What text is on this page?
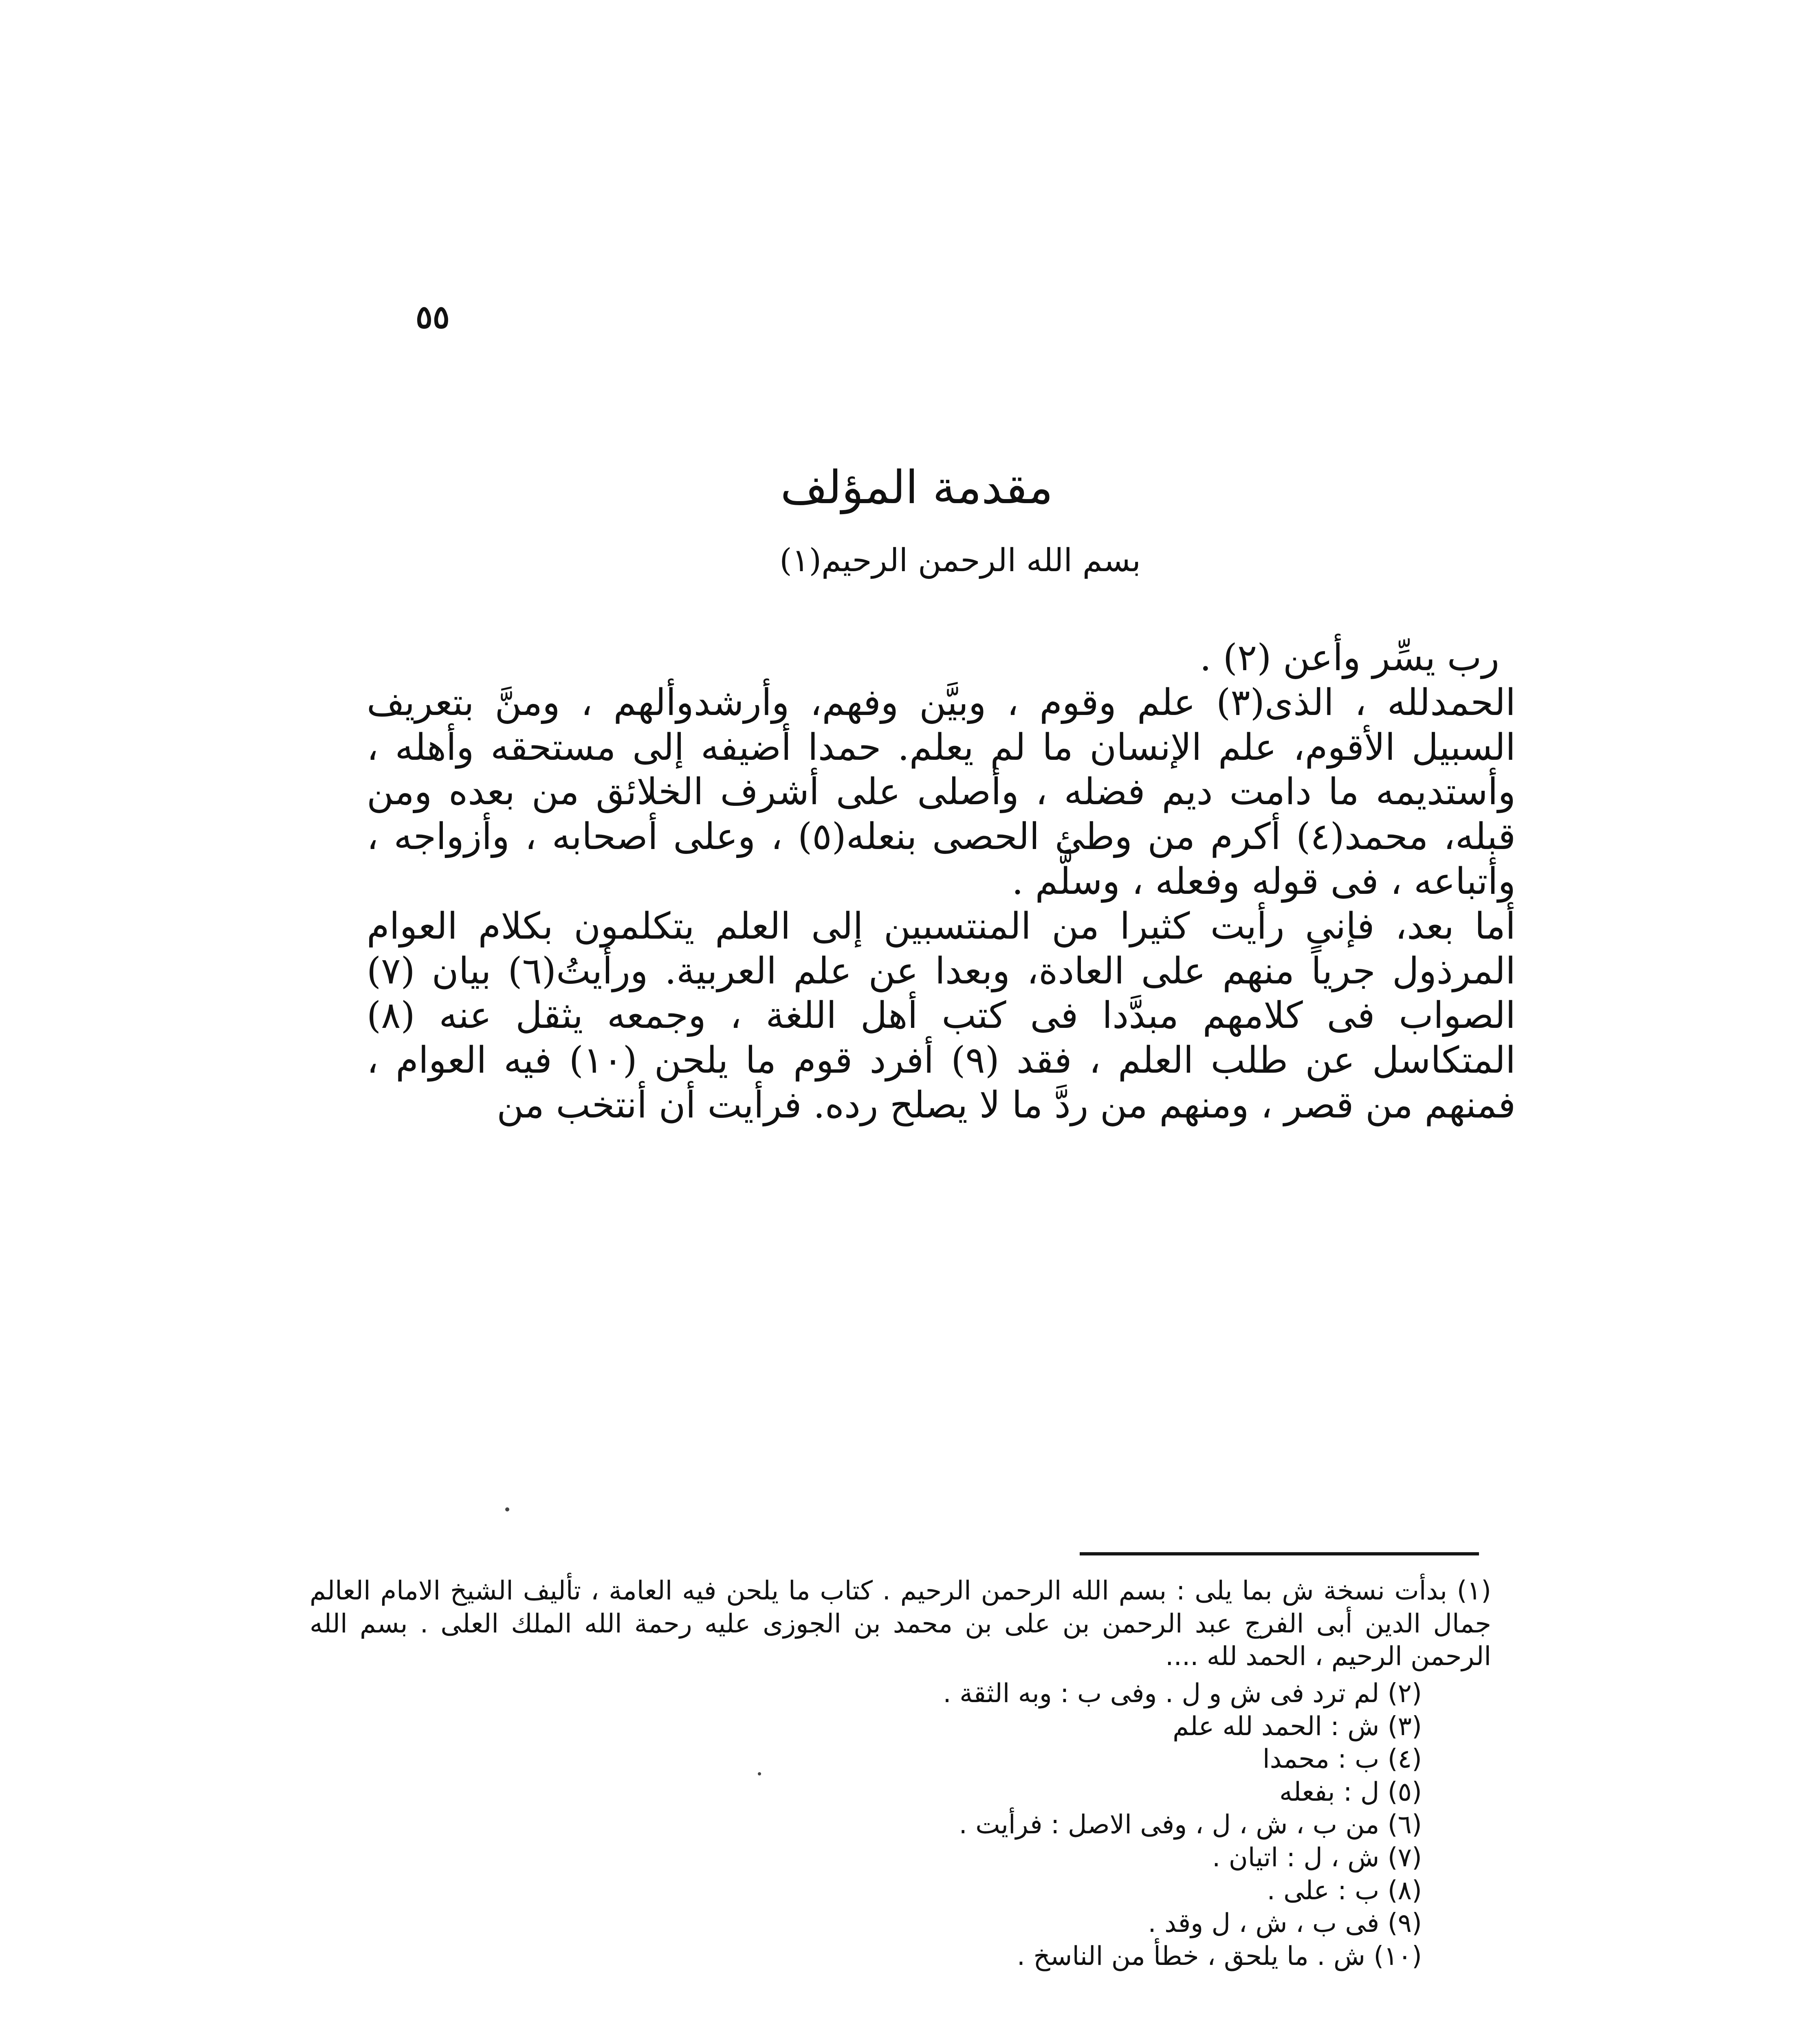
٥٥
مقدمة المؤلف
بسم الله الرحمن الرحيم(١)

رب يسِّر وأعن (٢) .

الحمدلله ، الذى(٣) علم وقوم ، وبيَّن وفهم، وأرشدوألهم ، ومنَّ بتعريف السبيل الأقوم، علم الإنسان ما لم يعلم. حمدا أضيفه إلى مستحقه وأهله ، وأستديمه ما دامت ديم فضله ، وأصلى على أشرف الخلائق من بعده ومن قبله، محمد(٤) أكرم من وطئ الحصى بنعله(٥) ، وعلى أصحابه ، وأزواجه ، وأتباعه ، فى قوله وفعله ، وسلَّم .

أما بعد، فإنى رأيت كثيرا من المنتسبين إلى العلم يتكلمون بكلام العوام المرذول جرياً منهم على العادة، وبعدا عن علم العربية. ورأيتُ(٦) بيان (٧) الصواب فى كلامهم مبدَّدا فى كتب أهل اللغة ، وجمعه يثقل عنه (٨) المتكاسل عن طلب العلم ، فقد (٩) أفرد قوم ما يلحن (١٠) فيه العوام ، فمنهم من قصر ، ومنهم من ردَّ ما لا يصلح رده. فرأيت أن أنتخب من

(١) بدأت نسخة ش بما يلى : بسم الله الرحمن الرحيم . كتاب ما يلحن فيه العامة ، تأليف الشيخ الامام العالم جمال الدين أبى الفرج عبد الرحمن بن على بن محمد بن الجوزى عليه رحمة الله الملك العلى . بسم الله الرحمن الرحيم ، الحمد لله ....

(٢) لم ترد فى ش و ل . وفى ب : وبه الثقة .
(٣) ش : الحمد لله علم
(٤) ب : محمدا
(٥) ل : بفعله
(٦) من ب ، ش ، ل ، وفى الاصل : فرأيت .
(٧) ش ، ل : اتيان .
(٨) ب : على .
(٩) فى ب ، ش ، ل وقد .
(١٠) ش . ما يلحق ، خطأ من الناسخ .
